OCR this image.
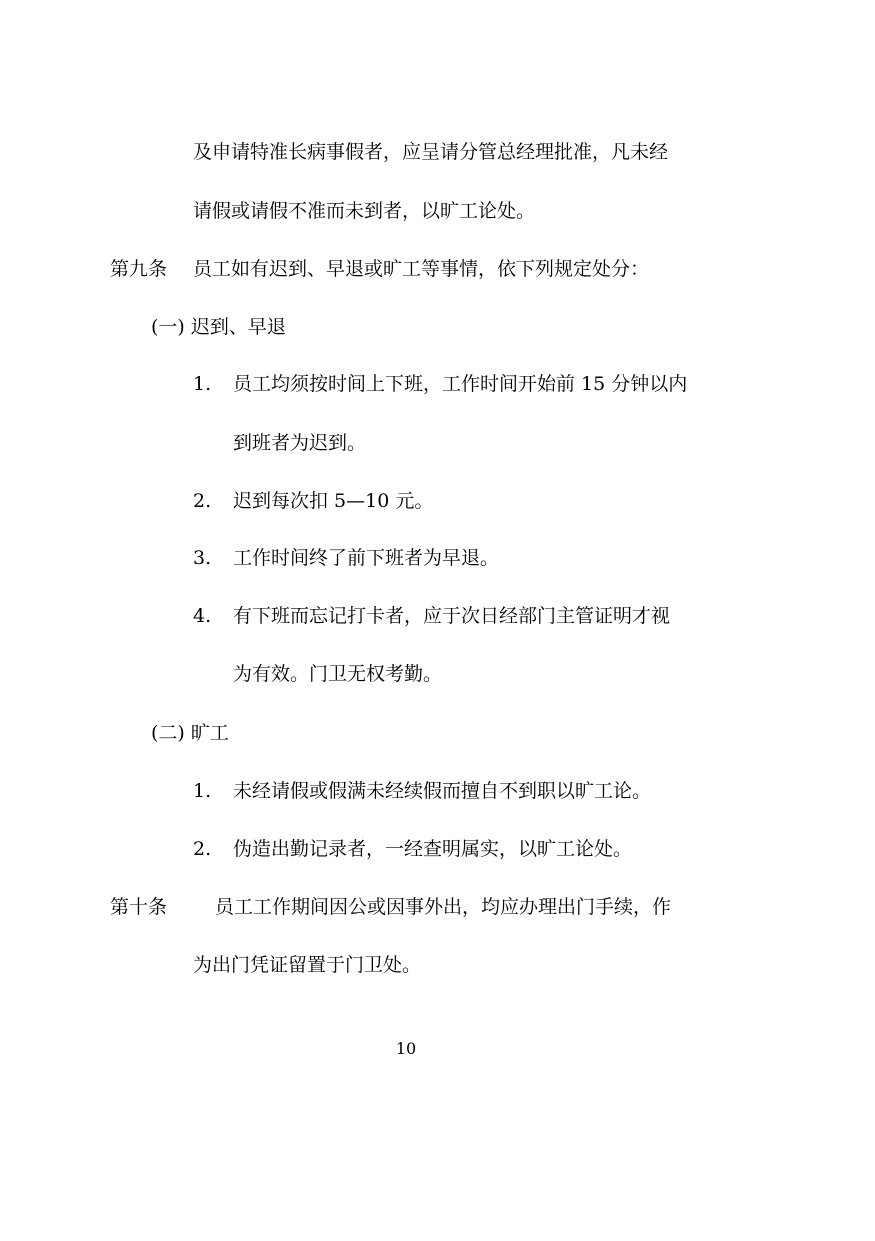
及申请特准长病事假者，应呈请分管总经理批准，凡未经

请假或请假不准而未到者，以旷工论处。

第九条 员工如有迟到、早退或旷工等事情，依下列规定处分：

(一) 迟到、早退

1. 员工均须按时间上下班，工作时间开始前 15 分钟以内

到班者为迟到。

2. 迟到每次扣 5—10 元。

3. 工作时间终了前下班者为早退。

4. 有下班而忘记打卡者，应于次日经部门主管证明才视

为有效。门卫无权考勤。

(二) 旷工

1. 未经请假或假满未经续假而擅自不到职以旷工论。

2. 伪造出勤记录者，一经查明属实，以旷工论处。

第十条	员工工作期间因公或因事外出，均应办理出门手续，作

为出门凭证留置于门卫处。

10
